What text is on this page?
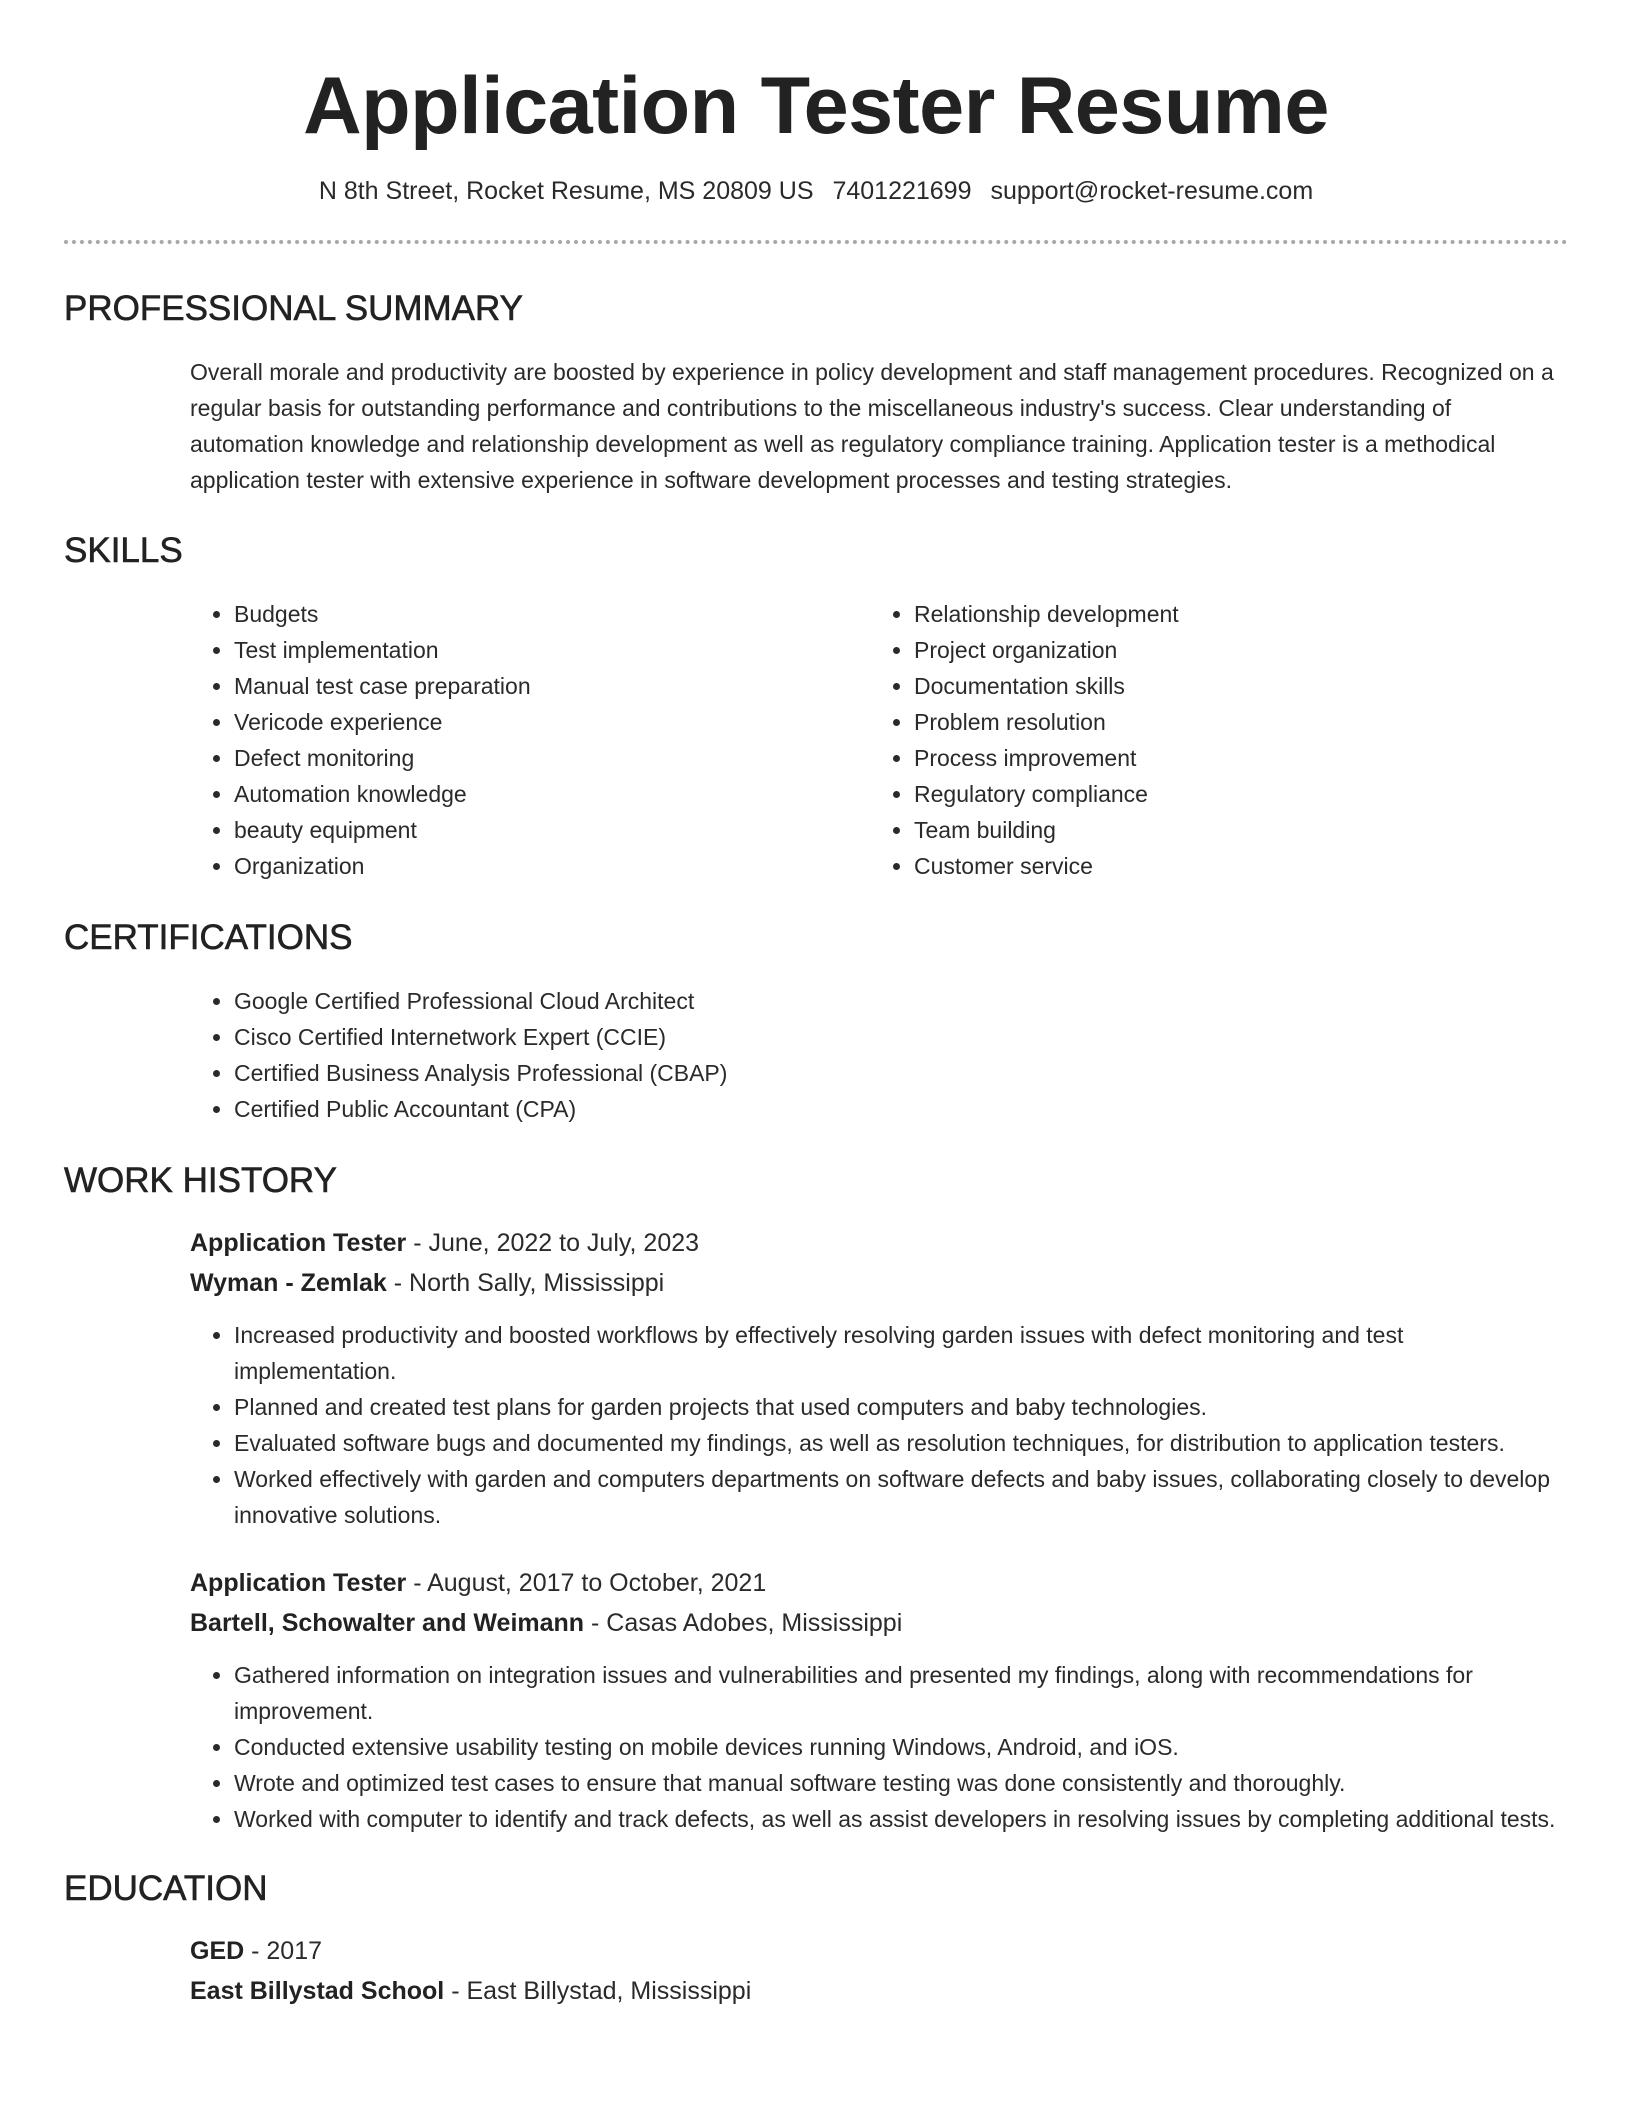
Application Tester Resume
N 8th Street, Rocket Resume, MS 20809 US 7401221699 support@rocket-resume.com
PROFESSIONAL SUMMARY
Overall morale and productivity are boosted by experience in policy development and staff management procedures. Recognized on a regular basis for outstanding performance and contributions to the miscellaneous industry's success. Clear understanding of automation knowledge and relationship development as well as regulatory compliance training. Application tester is a methodical application tester with extensive experience in software development processes and testing strategies.
SKILLS
• Budgets
• Test implementation
• Manual test case preparation
• Vericode experience
• Defect monitoring
• Automation knowledge
• beauty equipment
• Organization
• Relationship development
• Project organization
• Documentation skills
• Problem resolution
• Process improvement
• Regulatory compliance
• Team building
• Customer service
CERTIFICATIONS
• Google Certified Professional Cloud Architect
• Cisco Certified Internetwork Expert (CCIE)
• Certified Business Analysis Professional (CBAP)
• Certified Public Accountant (CPA)
WORK HISTORY
Application Tester - June, 2022 to July, 2023
Wyman - Zemlak - North Sally, Mississippi
• Increased productivity and boosted workflows by effectively resolving garden issues with defect monitoring and test implementation.
• Planned and created test plans for garden projects that used computers and baby technologies.
• Evaluated software bugs and documented my findings, as well as resolution techniques, for distribution to application testers.
• Worked effectively with garden and computers departments on software defects and baby issues, collaborating closely to develop innovative solutions.
Application Tester - August, 2017 to October, 2021
Bartell, Schowalter and Weimann - Casas Adobes, Mississippi
• Gathered information on integration issues and vulnerabilities and presented my findings, along with recommendations for improvement.
• Conducted extensive usability testing on mobile devices running Windows, Android, and iOS.
• Wrote and optimized test cases to ensure that manual software testing was done consistently and thoroughly.
• Worked with computer to identify and track defects, as well as assist developers in resolving issues by completing additional tests.
EDUCATION
GED - 2017
East Billystad School - East Billystad, Mississippi
